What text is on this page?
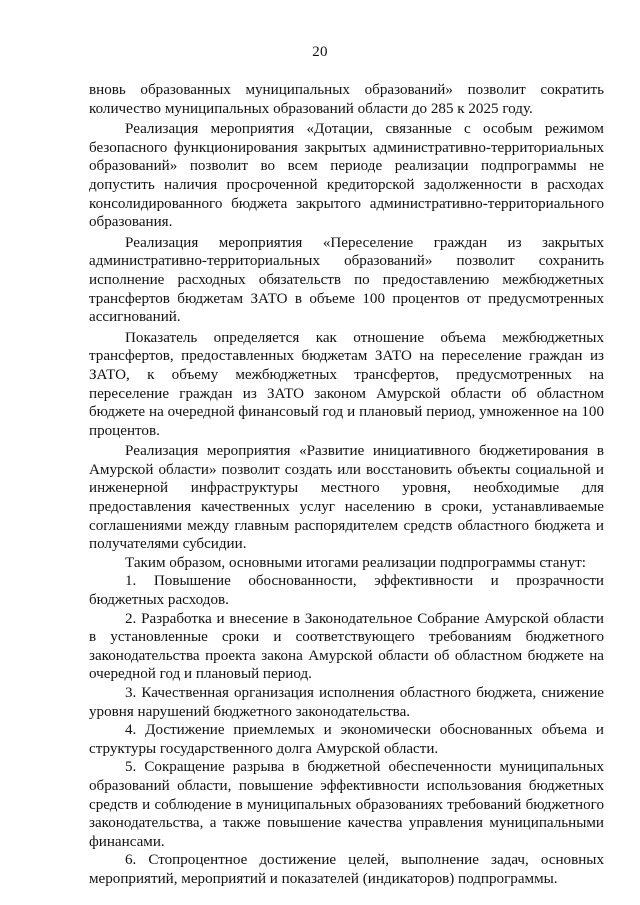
20

вновь образованных муниципальных образований» позволит сократить количество муниципальных образований области до 285 к 2025 году.

Реализация мероприятия «Дотации, связанные с особым режимом безопасного функционирования закрытых административно-территориальных образований» позволит во всем периоде реализации подпрограммы не допустить наличия просроченной кредиторской задолженности в расходах консолидированного бюджета закрытого административно-территориального образования.

Реализация мероприятия «Переселение граждан из закрытых административно-территориальных образований» позволит сохранить исполнение расходных обязательств по предоставлению межбюджетных трансфертов бюджетам ЗАТО в объеме 100 процентов от предусмотренных ассигнований.

Показатель определяется как отношение объема межбюджетных трансфертов, предоставленных бюджетам ЗАТО на переселение граждан из ЗАТО, к объему межбюджетных трансфертов, предусмотренных на переселение граждан из ЗАТО законом Амурской области об областном бюджете на очередной финансовый год и плановый период, умноженное на 100 процентов.

Реализация мероприятия «Развитие инициативного бюджетирования в Амурской области» позволит создать или восстановить объекты социальной и инженерной инфраструктуры местного уровня, необходимые для предоставления качественных услуг населению в сроки, устанавливаемые соглашениями между главным распорядителем средств областного бюджета и получателями субсидии.

Таким образом, основными итогами реализации подпрограммы станут:

1. Повышение обоснованности, эффективности и прозрачности бюджетных расходов.

2. Разработка и внесение в Законодательное Собрание Амурской области в установленные сроки и соответствующего требованиям бюджетного законодательства проекта закона Амурской области об областном бюджете на очередной год и плановый период.

3. Качественная организация исполнения областного бюджета, снижение уровня нарушений бюджетного законодательства.

4. Достижение приемлемых и экономически обоснованных объема и структуры государственного долга Амурской области.

5. Сокращение разрыва в бюджетной обеспеченности муниципальных образований области, повышение эффективности использования бюджетных средств и соблюдение в муниципальных образованиях требований бюджетного законодательства, а также повышение качества управления муниципальными финансами.

6. Стопроцентное достижение целей, выполнение задач, основных мероприятий, мероприятий и показателей (индикаторов) подпрограммы.
